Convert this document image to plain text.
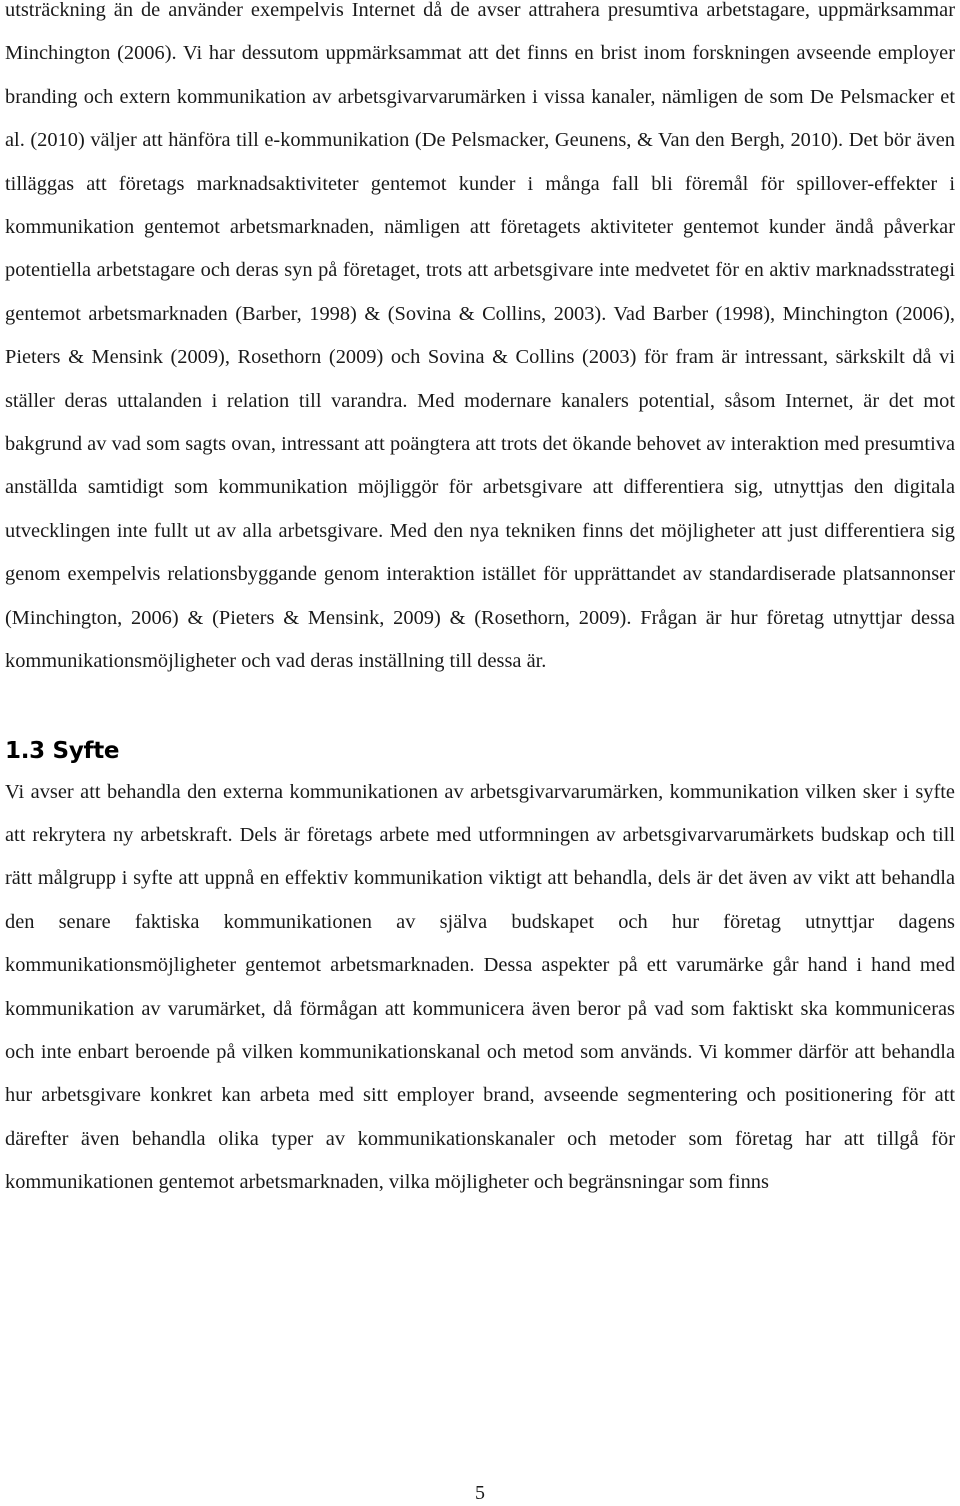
utsträckning än de använder exempelvis Internet då de avser attrahera presumtiva arbetstagare, uppmärksammar Minchington (2006). Vi har dessutom uppmärksammat att det finns en brist inom forskningen avseende employer branding och extern kommunikation av arbetsgivarvarumärken i vissa kanaler, nämligen de som De Pelsmacker et al. (2010) väljer att hänföra till e-kommunikation (De Pelsmacker, Geunens, & Van den Bergh, 2010). Det bör även tilläggas att företags marknadsaktiviteter gentemot kunder i många fall bli föremål för spillover-effekter i kommunikation gentemot arbetsmarknaden, nämligen att företagets aktiviteter gentemot kunder ändå påverkar potentiella arbetstagare och deras syn på företaget, trots att arbetsgivare inte medvetet för en aktiv marknadsstrategi gentemot arbetsmarknaden (Barber, 1998) & (Sovina & Collins, 2003). Vad Barber (1998), Minchington (2006), Pieters & Mensink (2009), Rosethorn (2009) och Sovina & Collins (2003) för fram är intressant, särkskilt då vi ställer deras uttalanden i relation till varandra. Med modernare kanalers potential, såsom Internet, är det mot bakgrund av vad som sagts ovan, intressant att poängtera att trots det ökande behovet av interaktion med presumtiva anställda samtidigt som kommunikation möjliggör för arbetsgivare att differentiera sig, utnyttjas den digitala utvecklingen inte fullt ut av alla arbetsgivare. Med den nya tekniken finns det möjligheter att just differentiera sig genom exempelvis relationsbyggande genom interaktion istället för upprättandet av standardiserade platsannonser (Minchington, 2006) & (Pieters & Mensink, 2009) & (Rosethorn, 2009). Frågan är hur företag utnyttjar dessa kommunikationsmöjligheter och vad deras inställning till dessa är.

1.3 Syfte

Vi avser att behandla den externa kommunikationen av arbetsgivarvarumärken, kommunikation vilken sker i syfte att rekrytera ny arbetskraft. Dels är företags arbete med utformningen av arbetsgivarvarumärkets budskap och till rätt målgrupp i syfte att uppnå en effektiv kommunikation viktigt att behandla, dels är det även av vikt att behandla den senare faktiska kommunikationen av själva budskapet och hur företag utnyttjar dagens kommunikationsmöjligheter gentemot arbetsmarknaden. Dessa aspekter på ett varumärke går hand i hand med kommunikation av varumärket, då förmågan att kommunicera även beror på vad som faktiskt ska kommuniceras och inte enbart beroende på vilken kommunikationskanal och metod som används. Vi kommer därför att behandla hur arbetsgivare konkret kan arbeta med sitt employer brand, avseende segmentering och positionering för att därefter även behandla olika typer av kommunikationskanaler och metoder som företag har att tillgå för kommunikationen gentemot arbetsmarknaden, vilka möjligheter och begränsningar som finns

5
